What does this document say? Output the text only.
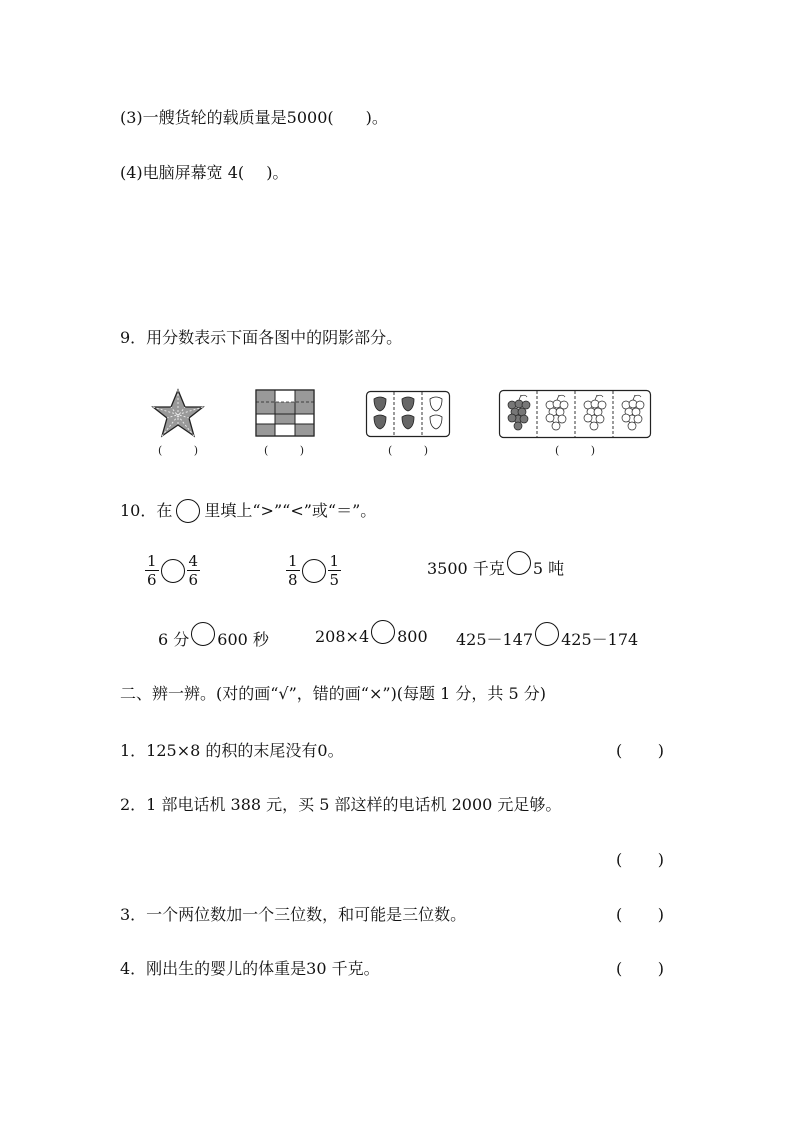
(3)一艘货轮的载质量是5000( )。
(4)电脑屏幕宽 4( )。
9．用分数表示下面各图中的阴影部分。
(	)	(	)	(	)	(	)
10．在 里填上“>”“<”或“＝”。
$\frac{1}{6} \frac{4}{6}$	$\frac{1}{8} \frac{1}{5}$	3500 千克 5 吨
6 分 600 秒	208×4 800 425－147 425－174
二、辨一辨。(对的画“√”，错的画“×”)(每题 1 分，共 5 分)
1．125×8 的积的末尾没有0。	( )
2．1 部电话机 388 元，买 5 部这样的电话机 2000 元足够。
( )
3．一个两位数加一个三位数，和可能是三位数。	( )
4．刚出生的婴儿的体重是30 千克。	( )
